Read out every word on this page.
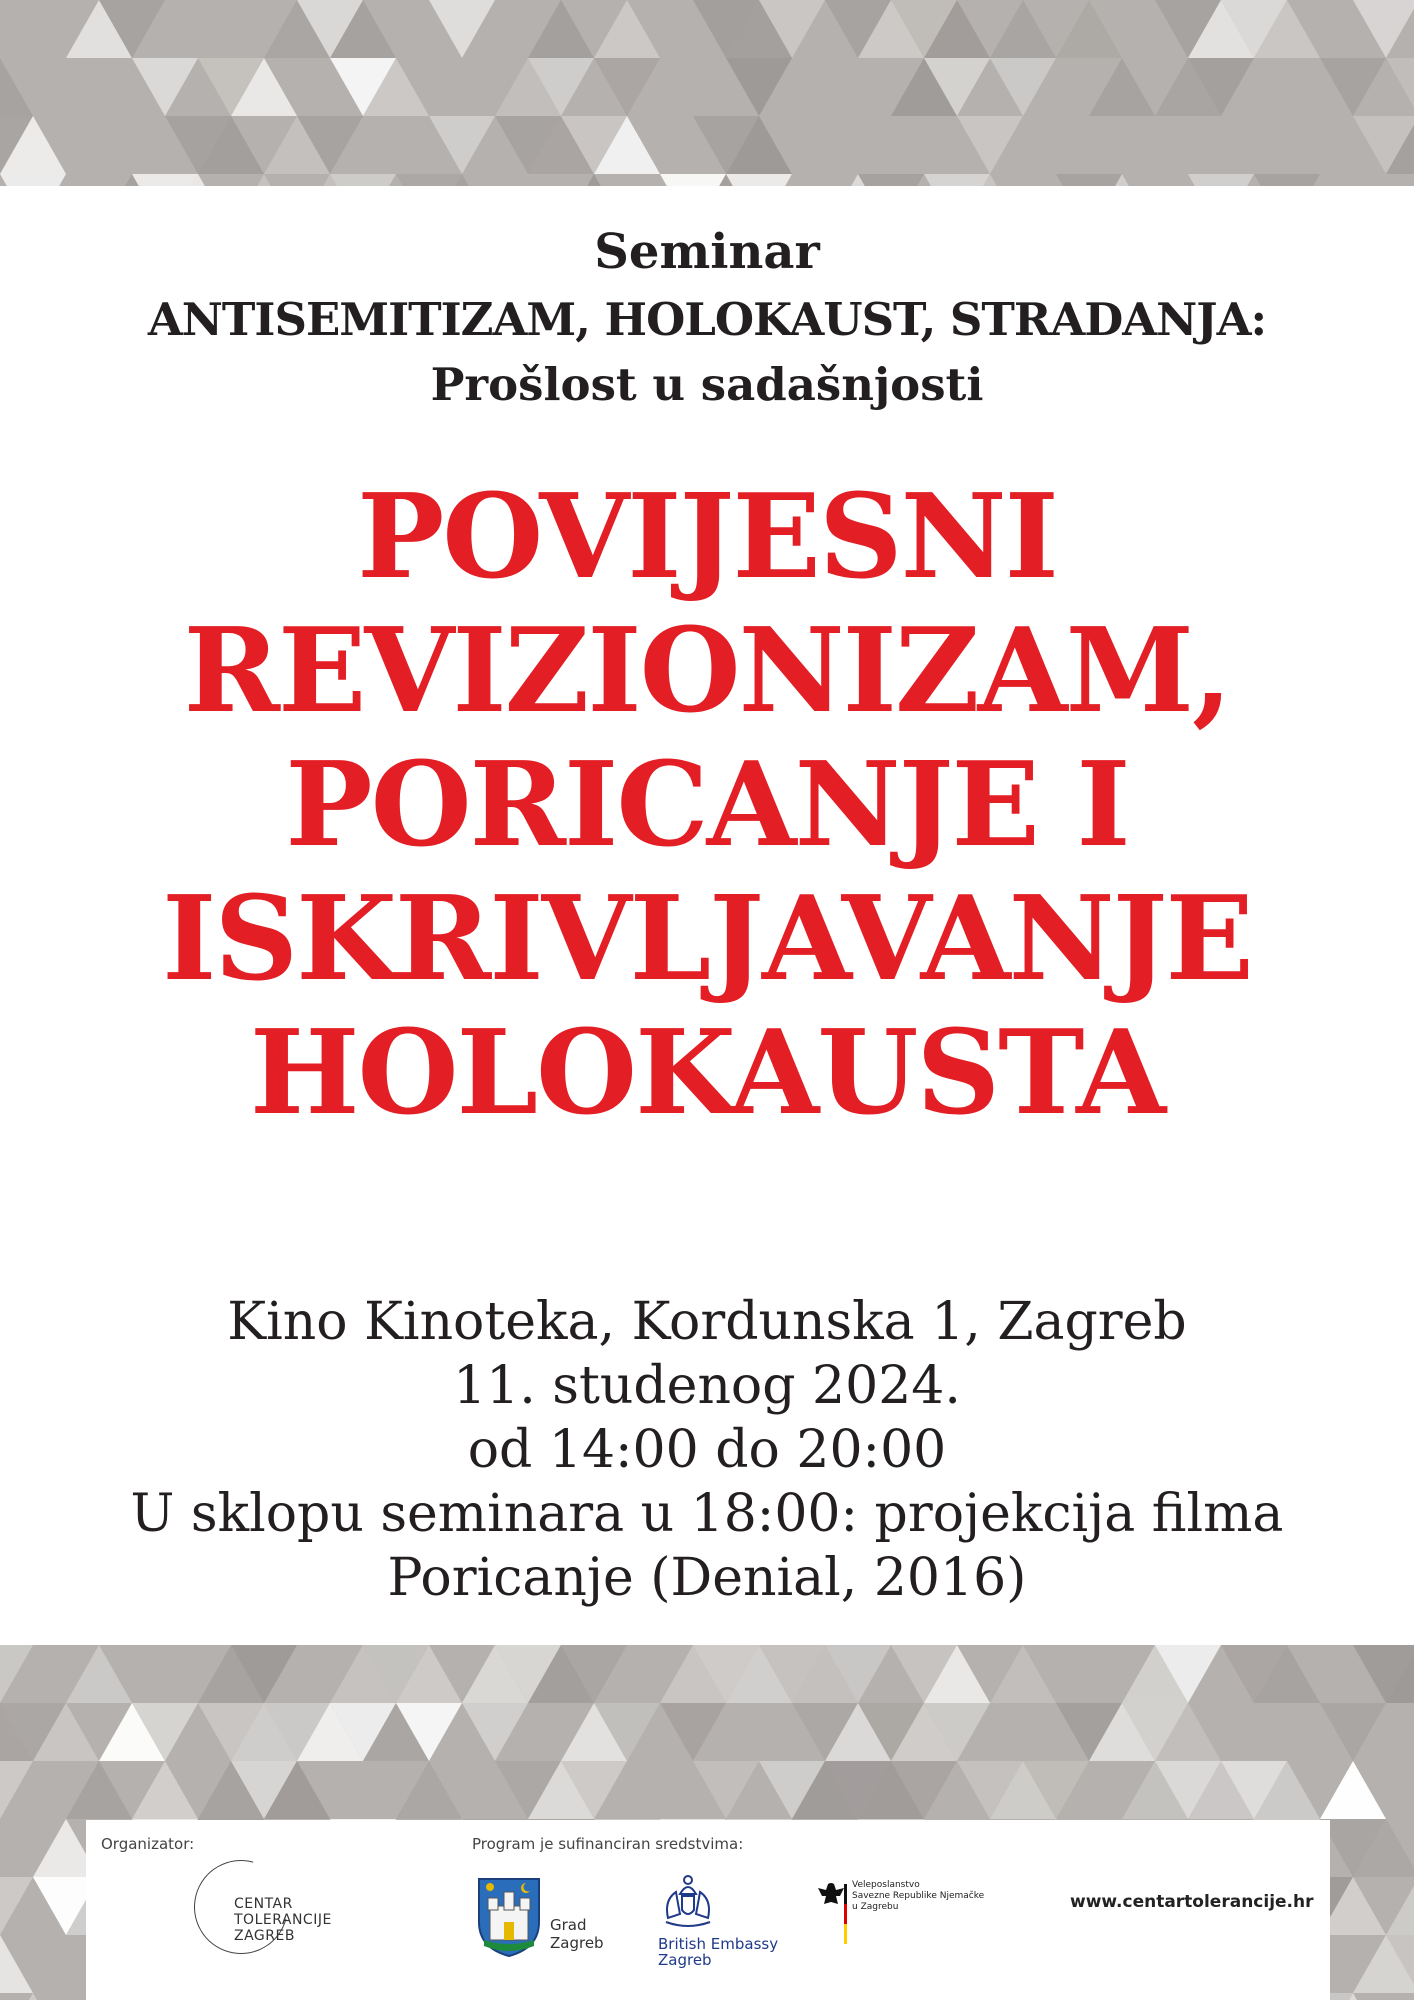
Seminar
ANTISEMITIZAM, HOLOKAUST, STRADANJA:
Prošlost u sadašnjosti
POVIJESNI
REVIZIONIZAM,
PORICANJE I
ISKRIVLJAVANJE
HOLOKAUSTA
Kino Kinoteka, Kordunska 1, Zagreb
11. studenog 2024.
od 14:00 do 20:00
U sklopu seminara u 18:00: projekcija filma
Poricanje (Denial, 2016)
Organizator:	Program je sufinanciran sredstvima:
CENTAR
TOLERANCIJE
ZAGREB
Grad
Zagreb	British Embassy
Zagreb
Veleposlanstvo
Savezne Republike Njemačke
u Zagrebu	www.centartolerancije.hr
